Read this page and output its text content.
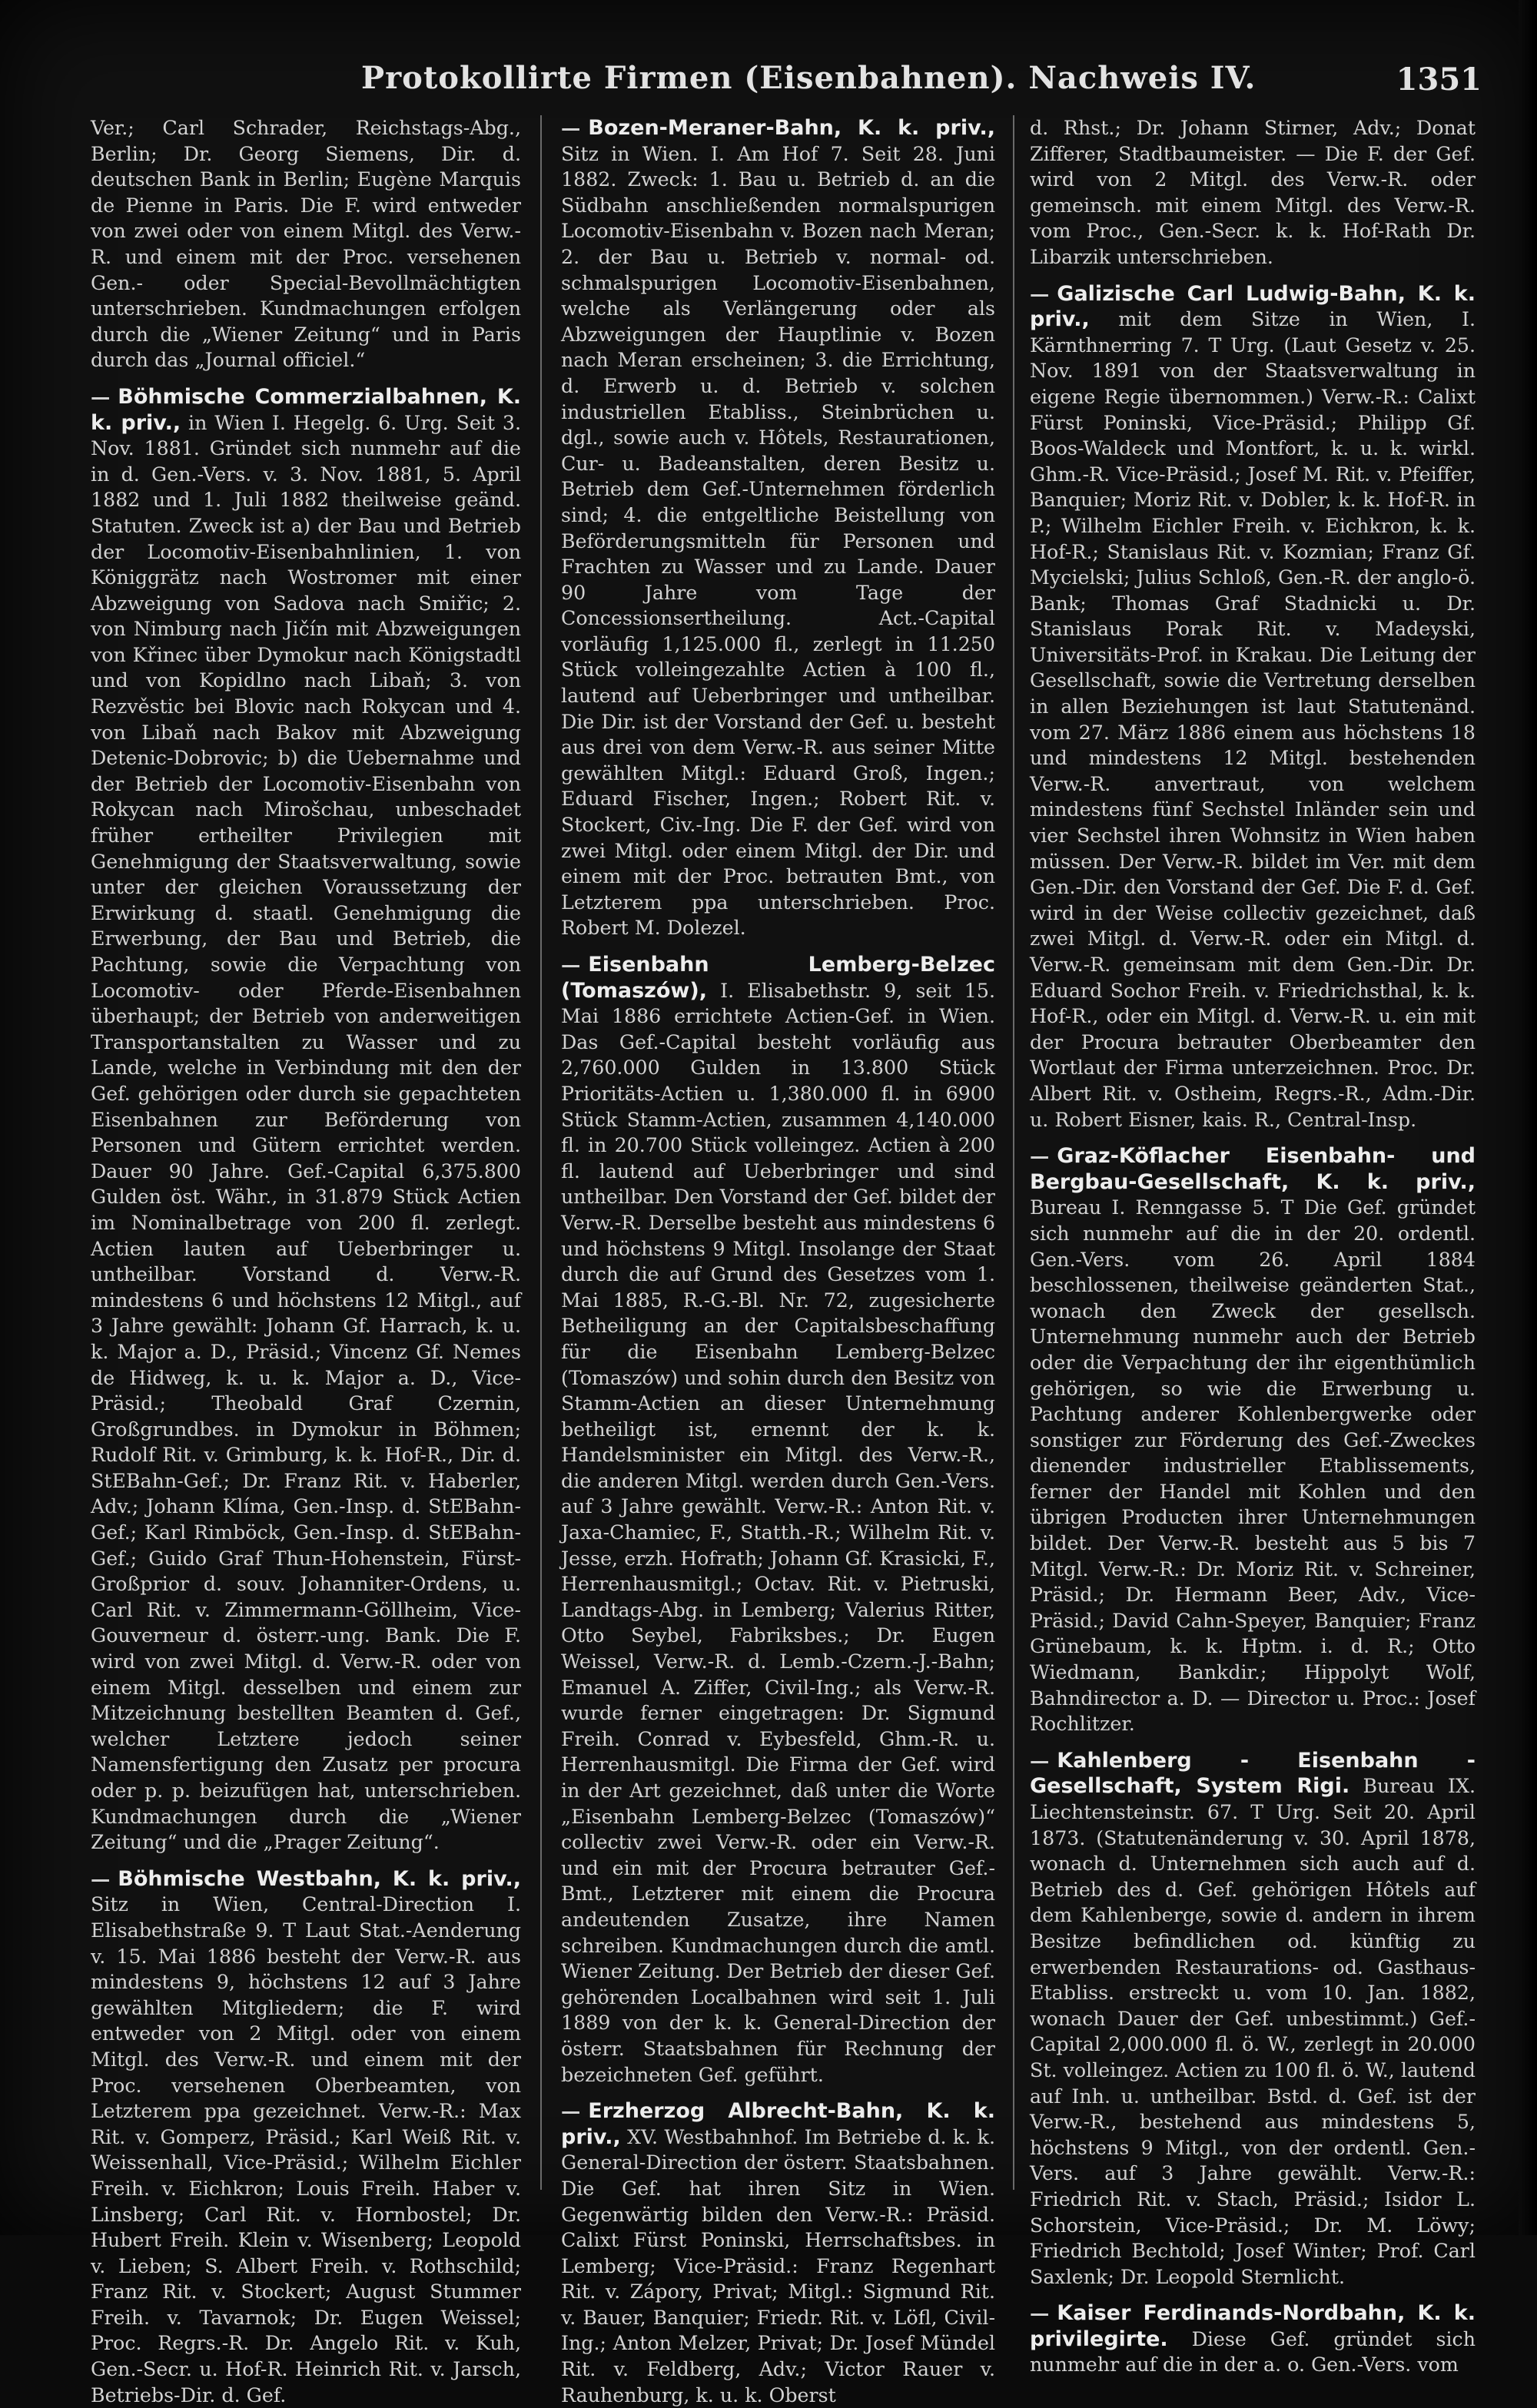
Protokollirte Firmen (Eisenbahnen). Nachweis IV.	1351

Ver.; Carl Schrader, Reichstags-Abg., Berlin; Dr. Georg Siemens, Dir. d. deutschen Bank in Berlin; Eugène Marquis de Pienne in Paris. Die F. wird entweder von zwei oder von einem Mitgl. des Verw.-R. und einem mit der Proc. versehenen Gen.- oder Special-Bevollmächtigten unterschrieben. Kundmachungen erfolgen durch die „Wiener Zeitung“ und in Paris durch das „Journal officiel.“

— Böhmische Commerzialbahnen, K. k. priv., in Wien I. Hegelg. 6. Urg. Seit 3. Nov. 1881. Gründet sich nunmehr auf die in d. Gen.-Vers. v. 3. Nov. 1881, 5. April 1882 und 1. Juli 1882 theilweise geänd. Statuten. Zweck ist a) der Bau und Betrieb der Locomotiv-Eisenbahnlinien, 1. von Königgrätz nach Wostromer mit einer Abzweigung von Sadova nach Smiřic; 2. von Nimburg nach Jičín mit Abzweigungen von Křinec über Dymokur nach Königstadtl und von Kopidlno nach Libaň; 3. von Rezvěstic bei Blovic nach Rokycan und 4. von Libaň nach Bakov mit Abzweigung Detenic-Dobrovic; b) die Uebernahme und der Betrieb der Locomotiv-Eisenbahn von Rokycan nach Mirošchau, unbeschadet früher ertheilter Privilegien mit Genehmigung der Staatsverwaltung, sowie unter der gleichen Voraussetzung der Erwirkung d. staatl. Genehmigung die Erwerbung, der Bau und Betrieb, die Pachtung, sowie die Verpachtung von Locomotiv- oder Pferde-Eisenbahnen überhaupt; der Betrieb von anderweitigen Transportanstalten zu Wasser und zu Lande, welche in Verbindung mit den der Gef. gehörigen oder durch sie gepachteten Eisenbahnen zur Beförderung von Personen und Gütern errichtet werden. Dauer 90 Jahre. Gef.-Capital 6,375.800 Gulden öst. Währ., in 31.879 Stück Actien im Nominalbetrage von 200 fl. zerlegt. Actien lauten auf Ueberbringer u. untheilbar. Vorstand d. Verw.-R. mindestens 6 und höchstens 12 Mitgl., auf 3 Jahre gewählt: Johann Gf. Harrach, k. u. k. Major a. D., Präsid.; Vincenz Gf. Nemes de Hidweg, k. u. k. Major a. D., Vice-Präsid.; Theobald Graf Czernin, Großgrundbes. in Dymokur in Böhmen; Rudolf Rit. v. Grimburg, k. k. Hof-R., Dir. d. StEBahn-Gef.; Dr. Franz Rit. v. Haberler, Adv.; Johann Klíma, Gen.-Insp. d. StEBahn-Gef.; Karl Rimböck, Gen.-Insp. d. StEBahn-Gef.; Guido Graf Thun-Hohenstein, Fürst-Großprior d. souv. Johanniter-Ordens, u. Carl Rit. v. Zimmermann-Göllheim, Vice-Gouverneur d. österr.-ung. Bank. Die F. wird von zwei Mitgl. d. Verw.-R. oder von einem Mitgl. desselben und einem zur Mitzeichnung bestellten Beamten d. Gef., welcher Letztere jedoch seiner Namensfertigung den Zusatz per procura oder p. p. beizufügen hat, unterschrieben. Kundmachungen durch die „Wiener Zeitung“ und die „Prager Zeitung“.
— Böhmische Westbahn, K. k. priv., Sitz in Wien, Central-Direction I. Elisabethstraße 9. T Laut Stat.-Aenderung v. 15. Mai 1886 besteht der Verw.-R. aus mindestens 9, höchstens 12 auf 3 Jahre gewählten Mitgliedern; die F. wird entweder von 2 Mitgl. oder von einem Mitgl. des Verw.-R. und einem mit der Proc. versehenen Oberbeamten, von Letzterem ppa gezeichnet. Verw.-R.: Max Rit. v. Gomperz, Präsid.; Karl Weiß Rit. v. Weissenhall, Vice-Präsid.; Wilhelm Eichler Freih. v. Eichkron; Louis Freih. Haber v. Linsberg; Carl Rit. v. Hornbostel; Dr. Hubert Freih. Klein v. Wisenberg; Leopold v. Lieben; S. Albert Freih. v. Rothschild; Franz Rit. v. Stockert; August Stummer Freih. v. Tavarnok; Dr. Eugen Weissel; Proc. Regrs.-R. Dr. Angelo Rit. v. Kuh, Gen.-Secr. u. Hof-R. Heinrich Rit. v. Jarsch, Betriebs-Dir. d. Gef.
— Bozen-Meraner-Bahn, K. k. priv., Sitz in Wien. I. Am Hof 7. Seit 28. Juni 1882. Zweck: 1. Bau u. Betrieb d. an die Südbahn anschließenden normalspurigen Locomotiv-Eisenbahn v. Bozen nach Meran; 2. der Bau u. Betrieb v. normal- od. schmalspurigen Locomotiv-Eisenbahnen, welche als Verlängerung oder als Abzweigungen der Hauptlinie v. Bozen nach Meran erscheinen; 3. die Errichtung, d. Erwerb u. d. Betrieb v. solchen industriellen Etabliss., Steinbrüchen u. dgl., sowie auch v. Hôtels, Restaurationen, Cur- u. Badeanstalten, deren Besitz u. Betrieb dem Gef.-Unternehmen förderlich sind; 4. die entgeltliche Beistellung von Beförderungsmitteln für Personen und Frachten zu Wasser und zu Lande. Dauer 90 Jahre vom Tage der Concessionsertheilung. Act.-Capital vorläufig 1,125.000 fl., zerlegt in 11.250 Stück volleingezahlte Actien à 100 fl., lautend auf Ueberbringer und untheilbar. Die Dir. ist der Vorstand der Gef. u. besteht aus drei von dem Verw.-R. aus seiner Mitte gewählten Mitgl.: Eduard Groß, Ingen.; Eduard Fischer, Ingen.; Robert Rit. v. Stockert, Civ.-Ing. Die F. der Gef. wird von zwei Mitgl. oder einem Mitgl. der Dir. und einem mit der Proc. betrauten Bmt., von Letzterem ppa unterschrieben. Proc. Robert M. Dolezel.
— Eisenbahn Lemberg-Belzec (Tomaszów), I. Elisabethstr. 9, seit 15. Mai 1886 errichtete Actien-Gef. in Wien. Das Gef.-Capital besteht vorläufig aus 2,760.000 Gulden in 13.800 Stück Prioritäts-Actien u. 1,380.000 fl. in 6900 Stück Stamm-Actien, zusammen 4,140.000 fl. in 20.700 Stück volleingez. Actien à 200 fl. lautend auf Ueberbringer und sind untheilbar. Den Vorstand der Gef. bildet der Verw.-R. Derselbe besteht aus mindestens 6 und höchstens 9 Mitgl. Insolange der Staat durch die auf Grund des Gesetzes vom 1. Mai 1885, R.-G.-Bl. Nr. 72, zugesicherte Betheiligung an der Capitalsbeschaffung für die Eisenbahn Lemberg-Belzec (Tomaszów) und sohin durch den Besitz von Stamm-Actien an dieser Unternehmung betheiligt ist, ernennt der k. k. Handelsminister ein Mitgl. des Verw.-R., die anderen Mitgl. werden durch Gen.-Vers. auf 3 Jahre gewählt. Verw.-R.: Anton Rit. v. Jaxa-Chamiec, F., Statth.-R.; Wilhelm Rit. v. Jesse, erzh. Hofrath; Johann Gf. Krasicki, F., Herrenhausmitgl.; Octav. Rit. v. Pietruski, Landtags-Abg. in Lemberg; Valerius Ritter, Otto Seybel, Fabriksbes.; Dr. Eugen Weissel, Verw.-R. d. Lemb.-Czern.-J.-Bahn; Emanuel A. Ziffer, Civil-Ing.; als Verw.-R. wurde ferner eingetragen: Dr. Sigmund Freih. Conrad v. Eybesfeld, Ghm.-R. u. Herrenhausmitgl. Die Firma der Gef. wird in der Art gezeichnet, daß unter die Worte „Eisenbahn Lemberg-Belzec (Tomaszów)“ collectiv zwei Verw.-R. oder ein Verw.-R. und ein mit der Procura betrauter Gef.-Bmt., Letzterer mit einem die Procura andeutenden Zusatze, ihre Namen schreiben. Kundmachungen durch die amtl. Wiener Zeitung. Der Betrieb der dieser Gef. gehörenden Localbahnen wird seit 1. Juli 1889 von der k. k. General-Direction der österr. Staatsbahnen für Rechnung der bezeichneten Gef. geführt.
— Erzherzog Albrecht-Bahn, K. k. priv., XV. Westbahnhof. Im Betriebe d. k. k. General-Direction der österr. Staatsbahnen. Die Gef. hat ihren Sitz in Wien. Gegenwärtig bilden den Verw.-R.: Präsid. Calixt Fürst Poninski, Herrschaftsbes. in Lemberg; Vice-Präsid.: Franz Regenhart Rit. v. Zápory, Privat; Mitgl.: Sigmund Rit. v. Bauer, Banquier; Friedr. Rit. v. Löfl, Civil-Ing.; Anton Melzer, Privat; Dr. Josef Mündel Rit. v. Feldberg, Adv.; Victor Rauer v. Rauhenburg, k. u. k. Oberst

d. Rhst.; Dr. Johann Stirner, Adv.; Donat Zifferer, Stadtbaumeister. — Die F. der Gef. wird von 2 Mitgl. des Verw.-R. oder gemeinsch. mit einem Mitgl. des Verw.-R. vom Proc., Gen.-Secr. k. k. Hof-Rath Dr. Libarzik unterschrieben.

— Galizische Carl Ludwig-Bahn, K. k. priv., mit dem Sitze in Wien, I. Kärnthnerring 7. T Urg. (Laut Gesetz v. 25. Nov. 1891 von der Staatsverwaltung in eigene Regie übernommen.) Verw.-R.: Calixt Fürst Poninski, Vice-Präsid.; Philipp Gf. Boos-Waldeck und Montfort, k. u. k. wirkl. Ghm.-R. Vice-Präsid.; Josef M. Rit. v. Pfeiffer, Banquier; Moriz Rit. v. Dobler, k. k. Hof-R. in P.; Wilhelm Eichler Freih. v. Eichkron, k. k. Hof-R.; Stanislaus Rit. v. Kozmian; Franz Gf. Mycielski; Julius Schloß, Gen.-R. der anglo-ö. Bank; Thomas Graf Stadnicki u. Dr. Stanislaus Porak Rit. v. Madeyski, Universitäts-Prof. in Krakau. Die Leitung der Gesellschaft, sowie die Vertretung derselben in allen Beziehungen ist laut Statutenänd. vom 27. März 1886 einem aus höchstens 18 und mindestens 12 Mitgl. bestehenden Verw.-R. anvertraut, von welchem mindestens fünf Sechstel Inländer sein und vier Sechstel ihren Wohnsitz in Wien haben müssen. Der Verw.-R. bildet im Ver. mit dem Gen.-Dir. den Vorstand der Gef. Die F. d. Gef. wird in der Weise collectiv gezeichnet, daß zwei Mitgl. d. Verw.-R. oder ein Mitgl. d. Verw.-R. gemeinsam mit dem Gen.-Dir. Dr. Eduard Sochor Freih. v. Friedrichsthal, k. k. Hof-R., oder ein Mitgl. d. Verw.-R. u. ein mit der Procura betrauter Oberbeamter den Wortlaut der Firma unterzeichnen. Proc. Dr. Albert Rit. v. Ostheim, Regrs.-R., Adm.-Dir. u. Robert Eisner, kais. R., Central-Insp.
— Graz-Köflacher Eisenbahn- und Bergbau-Gesellschaft, K. k. priv., Bureau I. Renngasse 5. T Die Gef. gründet sich nunmehr auf die in der 20. ordentl. Gen.-Vers. vom 26. April 1884 beschlossenen, theilweise geänderten Stat., wonach den Zweck der gesellsch. Unternehmung nunmehr auch der Betrieb oder die Verpachtung der ihr eigenthümlich gehörigen, so wie die Erwerbung u. Pachtung anderer Kohlenbergwerke oder sonstiger zur Förderung des Gef.-Zweckes dienender industrieller Etablissements, ferner der Handel mit Kohlen und den übrigen Producten ihrer Unternehmungen bildet. Der Verw.-R. besteht aus 5 bis 7 Mitgl. Verw.-R.: Dr. Moriz Rit. v. Schreiner, Präsid.; Dr. Hermann Beer, Adv., Vice-Präsid.; David Cahn-Speyer, Banquier; Franz Grünebaum, k. k. Hptm. i. d. R.; Otto Wiedmann, Bankdir.; Hippolyt Wolf, Bahndirector a. D. — Director u. Proc.: Josef Rochlitzer.
— Kahlenberg - Eisenbahn - Gesellschaft, System Rigi. Bureau IX. Liechtensteinstr. 67. T Urg. Seit 20. April 1873. (Statutenänderung v. 30. April 1878, wonach d. Unternehmen sich auch auf d. Betrieb des d. Gef. gehörigen Hôtels auf dem Kahlenberge, sowie d. andern in ihrem Besitze befindlichen od. künftig zu erwerbenden Restaurations- od. Gasthaus-Etabliss. erstreckt u. vom 10. Jan. 1882, wonach Dauer der Gef. unbestimmt.) Gef.-Capital 2,000.000 fl. ö. W., zerlegt in 20.000 St. volleingez. Actien zu 100 fl. ö. W., lautend auf Inh. u. untheilbar. Bstd. d. Gef. ist der Verw.-R., bestehend aus mindestens 5, höchstens 9 Mitgl., von der ordentl. Gen.-Vers. auf 3 Jahre gewählt. Verw.-R.: Friedrich Rit. v. Stach, Präsid.; Isidor L. Schorstein, Vice-Präsid.; Dr. M. Löwy; Friedrich Bechtold; Josef Winter; Prof. Carl Saxlenk; Dr. Leopold Sternlicht.
— Kaiser Ferdinands-Nordbahn, K. k. privilegirte. Diese Gef. gründet sich nunmehr auf die in der a. o. Gen.-Vers. vom
